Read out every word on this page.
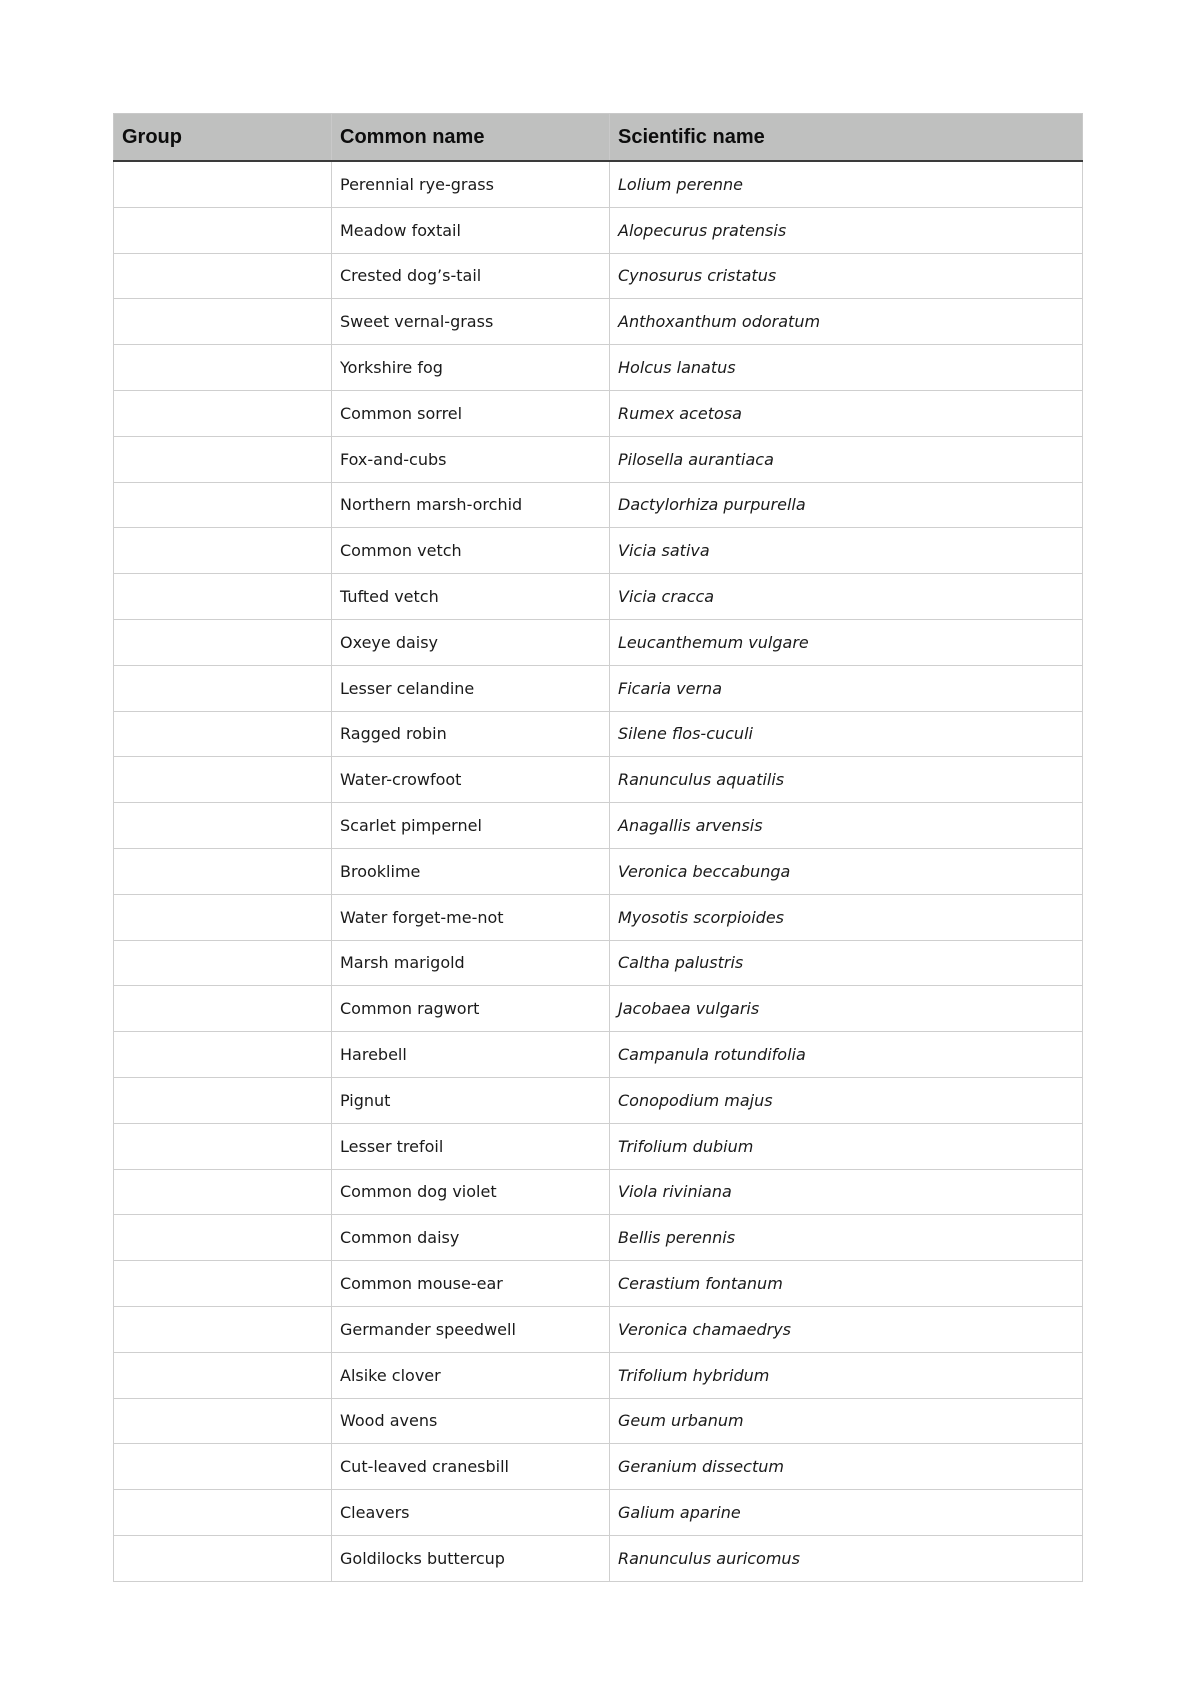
Group	Common name	Scientific name
	Perennial rye-grass	Lolium perenne
	Meadow foxtail	Alopecurus pratensis
	Crested dog’s-tail	Cynosurus cristatus
	Sweet vernal-grass	Anthoxanthum odoratum
	Yorkshire fog	Holcus lanatus
	Common sorrel	Rumex acetosa
	Fox-and-cubs	Pilosella aurantiaca
	Northern marsh-orchid	Dactylorhiza purpurella
	Common vetch	Vicia sativa
	Tufted vetch	Vicia cracca
	Oxeye daisy	Leucanthemum vulgare
	Lesser celandine	Ficaria verna
	Ragged robin	Silene flos-cuculi
	Water-crowfoot	Ranunculus aquatilis
	Scarlet pimpernel	Anagallis arvensis
	Brooklime	Veronica beccabunga
	Water forget-me-not	Myosotis scorpioides
	Marsh marigold	Caltha palustris
	Common ragwort	Jacobaea vulgaris
	Harebell	Campanula rotundifolia
	Pignut	Conopodium majus
	Lesser trefoil	Trifolium dubium
	Common dog violet	Viola riviniana
	Common daisy	Bellis perennis
	Common mouse-ear	Cerastium fontanum
	Germander speedwell	Veronica chamaedrys
	Alsike clover	Trifolium hybridum
	Wood avens	Geum urbanum
	Cut-leaved cranesbill	Geranium dissectum
	Cleavers	Galium aparine
	Goldilocks buttercup	Ranunculus auricomus
